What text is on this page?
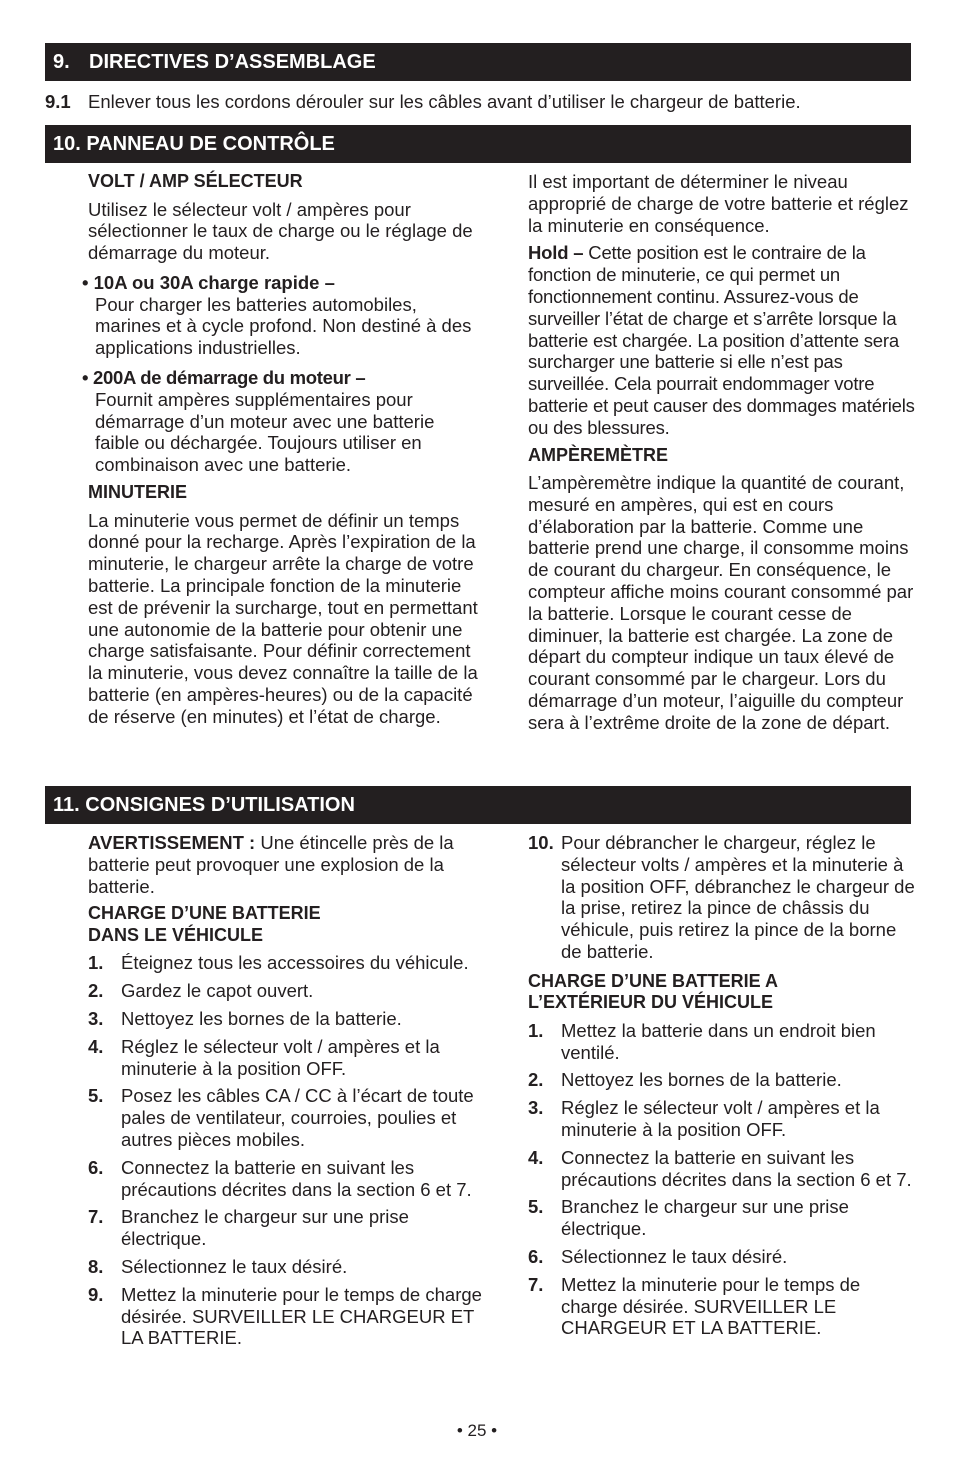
9. DIRECTIVES D’ASSEMBLAGE
9.1 Enlever tous les cordons dérouler sur les câbles avant d’utiliser le chargeur de batterie.
10. PANNEAU DE CONTRÔLE
VOLT / AMP SÉLECTEUR

Utilisez le sélecteur volt / ampères pour sélectionner le taux de charge ou le réglage de démarrage du moteur.

• 10A ou 30A charge rapide –
Pour charger les batteries automobiles, marines et à cycle profond. Non destiné à des applications industrielles.
• 200A de démarrage du moteur –
Fournit ampères supplémentaires pour démarrage d’un moteur avec une batterie faible ou déchargée. Toujours utiliser en combinaison avec une batterie.
MINUTERIE

La minuterie vous permet de définir un temps donné pour la recharge. Après l’expiration de la minuterie, le chargeur arrête la charge de votre batterie. La principale fonction de la minuterie est de prévenir la surcharge, tout en permettant une autonomie de la batterie pour obtenir une charge satisfaisante. Pour définir correctement la minuterie, vous devez connaître la taille de la batterie (en ampères-heures) ou de la capacité de réserve (en minutes) et l’état de charge.

Il est important de déterminer le niveau approprié de charge de votre batterie et réglez la minuterie en conséquence.

Hold – Cette position est le contraire de la fonction de minuterie, ce qui permet un fonctionnement continu. Assurez-vous de surveiller l’état de charge et s’arrête lorsque la batterie est chargée. La position d’attente sera surcharger une batterie si elle n’est pas surveillée. Cela pourrait endommager votre batterie et peut causer des dommages matériels ou des blessures.

AMPÈREMÈTRE

L’ampèremètre indique la quantité de courant, mesuré en ampères, qui est en cours d’élaboration par la batterie. Comme une batterie prend une charge, il consomme moins de courant du chargeur. En conséquence, le compteur affiche moins courant consommé par la batterie. Lorsque le courant cesse de diminuer, la batterie est chargée. La zone de départ du compteur indique un taux élevé de courant consommé par le chargeur. Lors du démarrage d’un moteur, l’aiguille du compteur sera à l’extrême droite de la zone de départ.

11. CONSIGNES D’UTILISATION

AVERTISSEMENT : Une étincelle près de la batterie peut provoquer une explosion de la batterie.

CHARGE D’UNE BATTERIE
DANS LE VÉHICULE
1. Éteignez tous les accessoires du véhicule.
2. Gardez le capot ouvert.
3. Nettoyez les bornes de la batterie.
4. Réglez le sélecteur volt / ampères et la minuterie à la position OFF.
5. Posez les câbles CA / CC à l’écart de toute pales de ventilateur, courroies, poulies et autres pièces mobiles.
6. Connectez la batterie en suivant les précautions décrites dans la section 6 et 7.
7. Branchez le chargeur sur une prise électrique.
8. Sélectionnez le taux désiré.
9. Mettez la minuterie pour le temps de charge désirée. SURVEILLER LE CHARGEUR ET LA BATTERIE.
10. Pour débrancher le chargeur, réglez le sélecteur volts / ampères et la minuterie à la position OFF, débranchez le chargeur de la prise, retirez la pince de châssis du véhicule, puis retirez la pince de la borne de batterie.
CHARGE D’UNE BATTERIE A
L’EXTÉRIEUR DU VÉHICULE
1. Mettez la batterie dans un endroit bien ventilé.
2. Nettoyez les bornes de la batterie.
3. Réglez le sélecteur volt / ampères et la minuterie à la position OFF.
4. Connectez la batterie en suivant les précautions décrites dans la section 6 et 7.
5. Branchez le chargeur sur une prise électrique.
6. Sélectionnez le taux désiré.
7. Mettez la minuterie pour le temps de charge désirée. SURVEILLER LE CHARGEUR ET LA BATTERIE.
• 25 •
